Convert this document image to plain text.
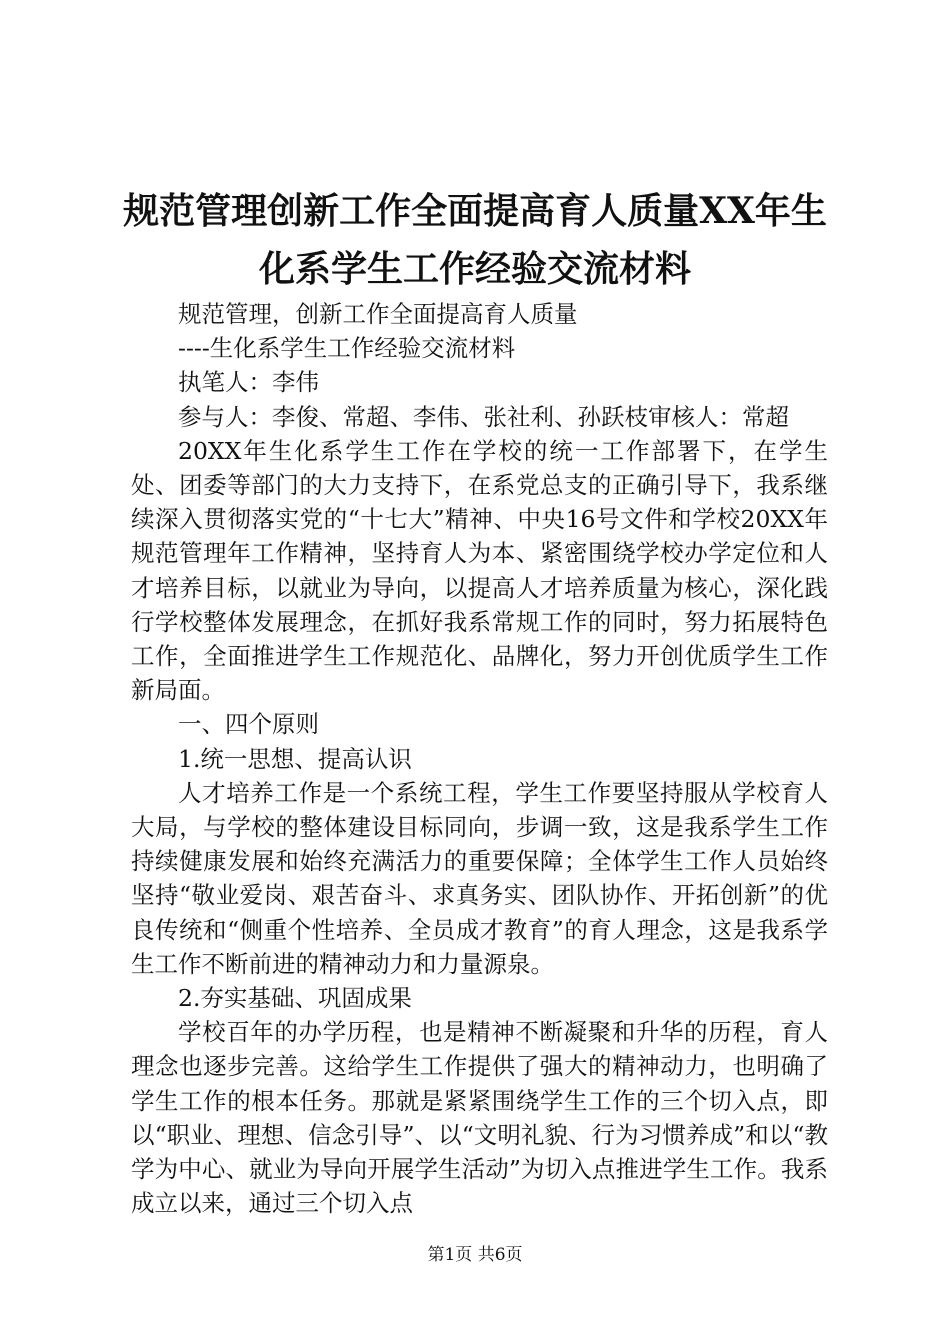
规范管理创新工作全面提高育人质量XX年生化系学生工作经验交流材料

规范管理，创新工作全面提高育人质量

----生化系学生工作经验交流材料

执笔人：李伟

参与人：李俊、常超、李伟、张社利、孙跃枝审核人：常超

20XX年生化系学生工作在学校的统一工作部署下，在学生处、团委等部门的大力支持下，在系党总支的正确引导下，我系继续深入贯彻落实党的“十七大”精神、中央16号文件和学校20XX年规范管理年工作精神，坚持育人为本、紧密围绕学校办学定位和人才培养目标，以就业为导向，以提高人才培养质量为核心，深化践行学校整体发展理念，在抓好我系常规工作的同时，努力拓展特色工作，全面推进学生工作规范化、品牌化，努力开创优质学生工作新局面。

一、四个原则

1.统一思想、提高认识

人才培养工作是一个系统工程，学生工作要坚持服从学校育人大局，与学校的整体建设目标同向，步调一致，这是我系学生工作持续健康发展和始终充满活力的重要保障；全体学生工作人员始终坚持“敬业爱岗、艰苦奋斗、求真务实、团队协作、开拓创新”的优良传统和“侧重个性培养、全员成才教育”的育人理念，这是我系学生工作不断前进的精神动力和力量源泉。

2.夯实基础、巩固成果

学校百年的办学历程，也是精神不断凝聚和升华的历程，育人理念也逐步完善。这给学生工作提供了强大的精神动力，也明确了学生工作的根本任务。那就是紧紧围绕学生工作的三个切入点，即以“职业、理想、信念引导”、以“文明礼貌、行为习惯养成”和以“教学为中心、就业为导向开展学生活动”为切入点推进学生工作。我系成立以来，通过三个切入点

第1页 共6页
